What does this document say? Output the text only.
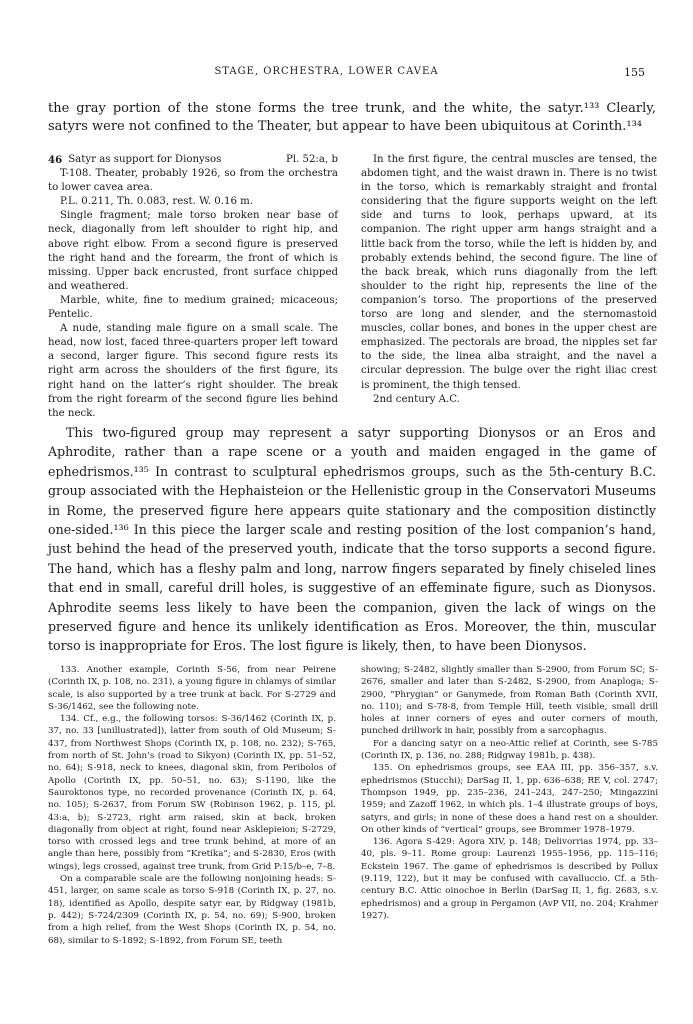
STAGE, ORCHESTRA, LOWER CAVEA	155

the gray portion of the stone forms the tree trunk, and the white, the satyr.¹³³ Clearly, satyrs were not confined to the Theater, but appear to have been ubiquitous at Corinth.¹³⁴

46 Satyr as support for Dionysos	Pl. 52:a, b

T-108. Theater, probably 1926, so from the orchestra to lower cavea area.

P.L. 0.211, Th. 0.083, rest. W. 0.16 m.

Single fragment; male torso broken near base of neck, diagonally from left shoulder to right hip, and above right elbow. From a second figure is preserved the right hand and the forearm, the front of which is missing. Upper back encrusted, front surface chipped and weathered.

Marble, white, fine to medium grained; micaceous; Pentelic.

A nude, standing male figure on a small scale. The head, now lost, faced three-quarters proper left toward a second, larger figure. This second figure rests its right arm across the shoulders of the first figure, its right hand on the latter’s right shoulder. The break from the right forearm of the second figure lies behind the neck.

In the first figure, the central muscles are tensed, the abdomen tight, and the waist drawn in. There is no twist in the torso, which is remarkably straight and frontal considering that the figure supports weight on the left side and turns to look, perhaps upward, at its companion. The right upper arm hangs straight and a little back from the torso, while the left is hidden by, and probably extends behind, the second figure. The line of the back break, which runs diagonally from the left shoulder to the right hip, represents the line of the companion’s torso. The proportions of the preserved torso are long and slender, and the sternomastoid muscles, collar bones, and bones in the upper chest are emphasized. The pectorals are broad, the nipples set far to the side, the linea alba straight, and the navel a circular depression. The bulge over the right iliac crest is prominent, the thigh tensed.

2nd century A.C.

This two-figured group may represent a satyr supporting Dionysos or an Eros and Aphrodite, rather than a rape scene or a youth and maiden engaged in the game of ephedrismos.¹³⁵ In contrast to sculptural ephedrismos groups, such as the 5th-century B.C. group associated with the Hephaisteion or the Hellenistic group in the Conservatori Museums in Rome, the preserved figure here appears quite stationary and the composition distinctly one-sided.¹³⁶ In this piece the larger scale and resting position of the lost companion’s hand, just behind the head of the preserved youth, indicate that the torso supports a second figure. The hand, which has a fleshy palm and long, narrow fingers separated by finely chiseled lines that end in small, careful drill holes, is suggestive of an effeminate figure, such as Dionysos. Aphrodite seems less likely to have been the companion, given the lack of wings on the preserved figure and hence its unlikely identification as Eros. Moreover, the thin, muscular torso is inappropriate for Eros. The lost figure is likely, then, to have been Dionysos.

133. Another example, Corinth S-56, from near Peirene (Corinth IX, p. 108, no. 231), a young figure in chlamys of similar scale, is also supported by a tree trunk at back. For S-2729 and S-36/1462, see the following note.

134. Cf., e.g., the following torsos: S-36/1462 (Corinth IX, p. 37, no. 33 [unillustrated]), latter from south of Old Museum; S-437, from Northwest Shops (Corinth IX, p. 108, no. 232); S-765, from north of St. John’s (road to Sikyon) (Corinth IX, pp. 51–52, no. 64); S-918, neck to knees, diagonal skin, from Peribolos of Apollo (Corinth IX, pp. 50–51, no. 63); S-1190, like the Sauroktonos type, no recorded provenance (Corinth IX, p. 64, no. 105); S-2637, from Forum SW (Robinson 1962, p. 115, pl. 43:a, b); S-2723, right arm raised, skin at back, broken diagonally from object at right, found near Asklepieion; S-2729, torso with crossed legs and tree trunk behind, at more of an angle than here, possibly from “Kretika”; and S-2830, Eros (with wings), legs crossed, against tree trunk, from Grid P:15/b–e, 7–8.

On a comparable scale are the following nonjoining heads: S-451, larger, on same scale as torso S-918 (Corinth IX, p. 27, no. 18), identified as Apollo, despite satyr ear, by Ridgway (1981b, p. 442); S-724/2309 (Corinth IX, p. 54, no. 69); S-900, broken from a high relief, from the West Shops (Corinth IX, p. 54, no. 68), similar to S-1892; S-1892, from Forum SE, teeth

showing; S-2482, slightly smaller than S-2900, from Forum SC; S-2676, smaller and later than S-2482, S-2900, from Anaploga; S-2900, “Phrygian” or Ganymede, from Roman Bath (Corinth XVII, no. 110); and S-78-8, from Temple Hill, teeth visible, small drill holes at inner corners of eyes and outer corners of mouth, punched drillwork in hair, possibly from a sarcophagus.

For a dancing satyr on a neo-Attic relief at Corinth, see S-785 (Corinth IX, p. 136, no. 288; Ridgway 1981b, p. 438).

135. On ephedrismos groups, see EAA III, pp. 356–357, s.v. ephedrismos (Stucchi); DarSag II, 1, pp. 636–638; RE V, col. 2747; Thompson 1949, pp. 235–236, 241–243, 247–250; Mingazzini 1959; and Zazoff 1962, in which pls. 1–4 illustrate groups of boys, satyrs, and girls; in none of these does a hand rest on a shoulder. On other kinds of “vertical” groups, see Brommer 1978–1979.

136. Agora S-429: Agora XIV, p. 148; Delivorrias 1974, pp. 33–40, pls. 9–11. Rome group: Laurenzi 1955–1956, pp. 115–116; Eckstein 1967. The game of ephedrismos is described by Pollux (9.119, 122), but it may be confused with cavalluccio. Cf. a 5th-century B.C. Attic oinochoe in Berlin (DarSag II, 1, fig. 2683, s.v. ephedrismos) and a group in Pergamon (AvP VII, no. 204; Krahmer 1927).
